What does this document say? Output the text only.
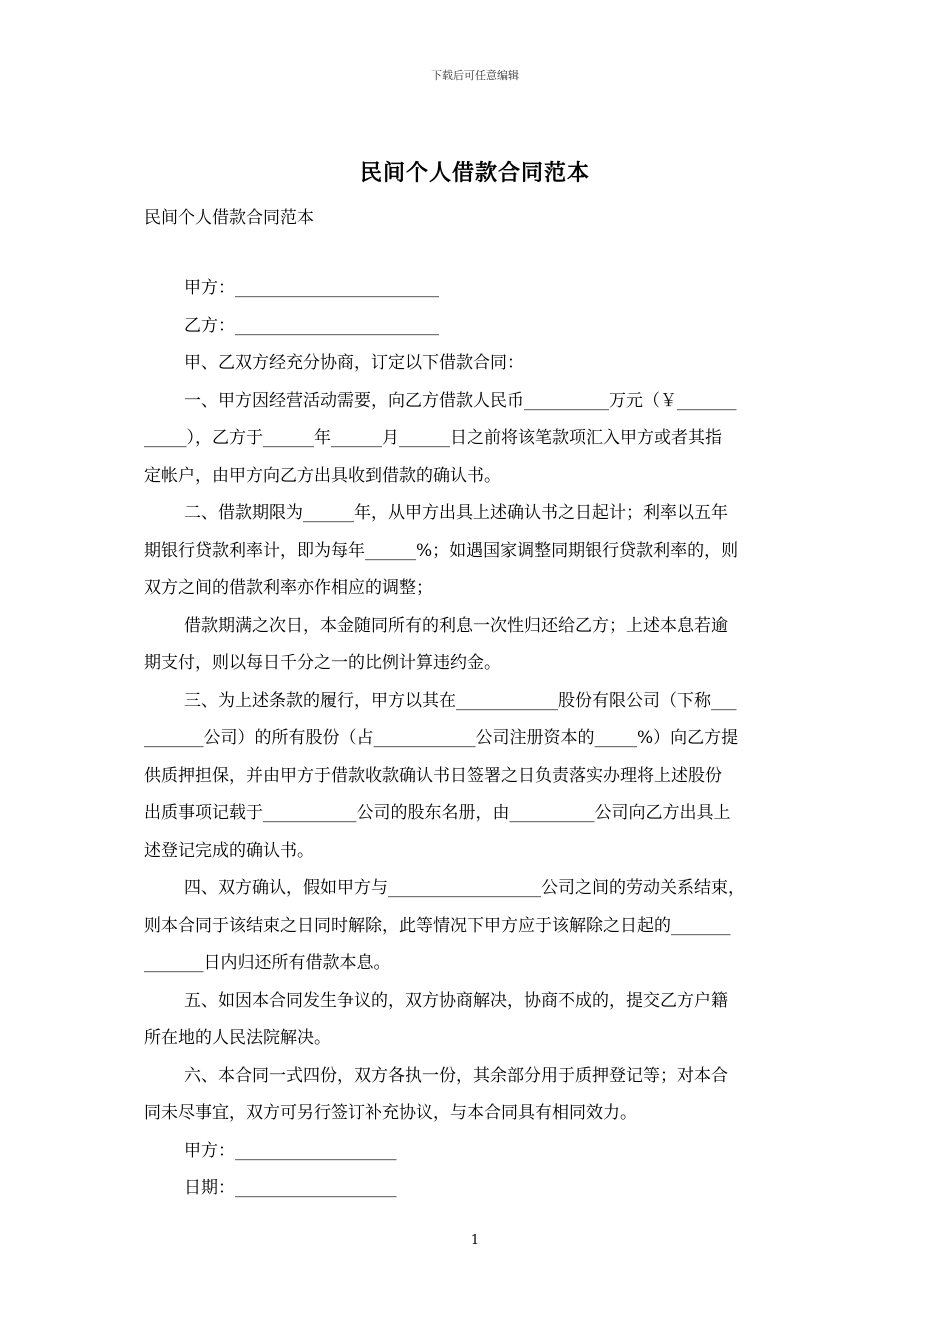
下载后可任意编辑
民间个人借款合同范本
民间个人借款合同范本
甲方：________________________
乙方：________________________
甲、乙双方经充分协商，订定以下借款合同：
一、甲方因经营活动需要，向乙方借款人民币__________万元（￥_______
_____），乙方于______年______月______日之前将该笔款项汇入甲方或者其指
定帐户，由甲方向乙方出具收到借款的确认书。
二、借款期限为______年，从甲方出具上述确认书之日起计；利率以五年
期银行贷款利率计，即为每年______%；如遇国家调整同期银行贷款利率的，则
双方之间的借款利率亦作相应的调整；
借款期满之次日，本金随同所有的利息一次性归还给乙方；上述本息若逾
期支付，则以每日千分之一的比例计算违约金。
三、为上述条款的履行，甲方以其在____________股份有限公司（下称___
_______公司）的所有股份（占____________公司注册资本的_____%）向乙方提
供质押担保，并由甲方于借款收款确认书日签署之日负责落实办理将上述股份
出质事项记载于___________公司的股东名册，由__________公司向乙方出具上
述登记完成的确认书。
四、双方确认，假如甲方与__________________公司之间的劳动关系结束，
则本合同于该结束之日同时解除，此等情况下甲方应于该解除之日起的_______
_______日内归还所有借款本息。
五、如因本合同发生争议的，双方协商解决，协商不成的，提交乙方户籍
所在地的人民法院解决。
六、本合同一式四份，双方各执一份，其余部分用于质押登记等；对本合
同未尽事宜，双方可另行签订补充协议，与本合同具有相同效力。
甲方：___________________
日期：___________________
1
